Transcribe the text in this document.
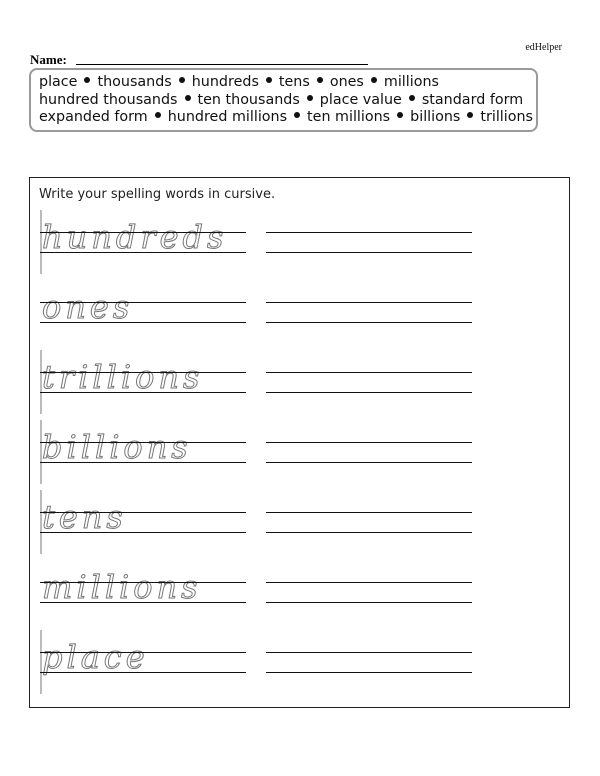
edHelper
Name:
place thousands hundreds tens ones millions
hundred thousands ten thousands place value standard form
expanded form hundred millions ten millions billions trillions
Write your spelling words in cursive.
hundreds
ones
trillions
billions
tens
millions
place
